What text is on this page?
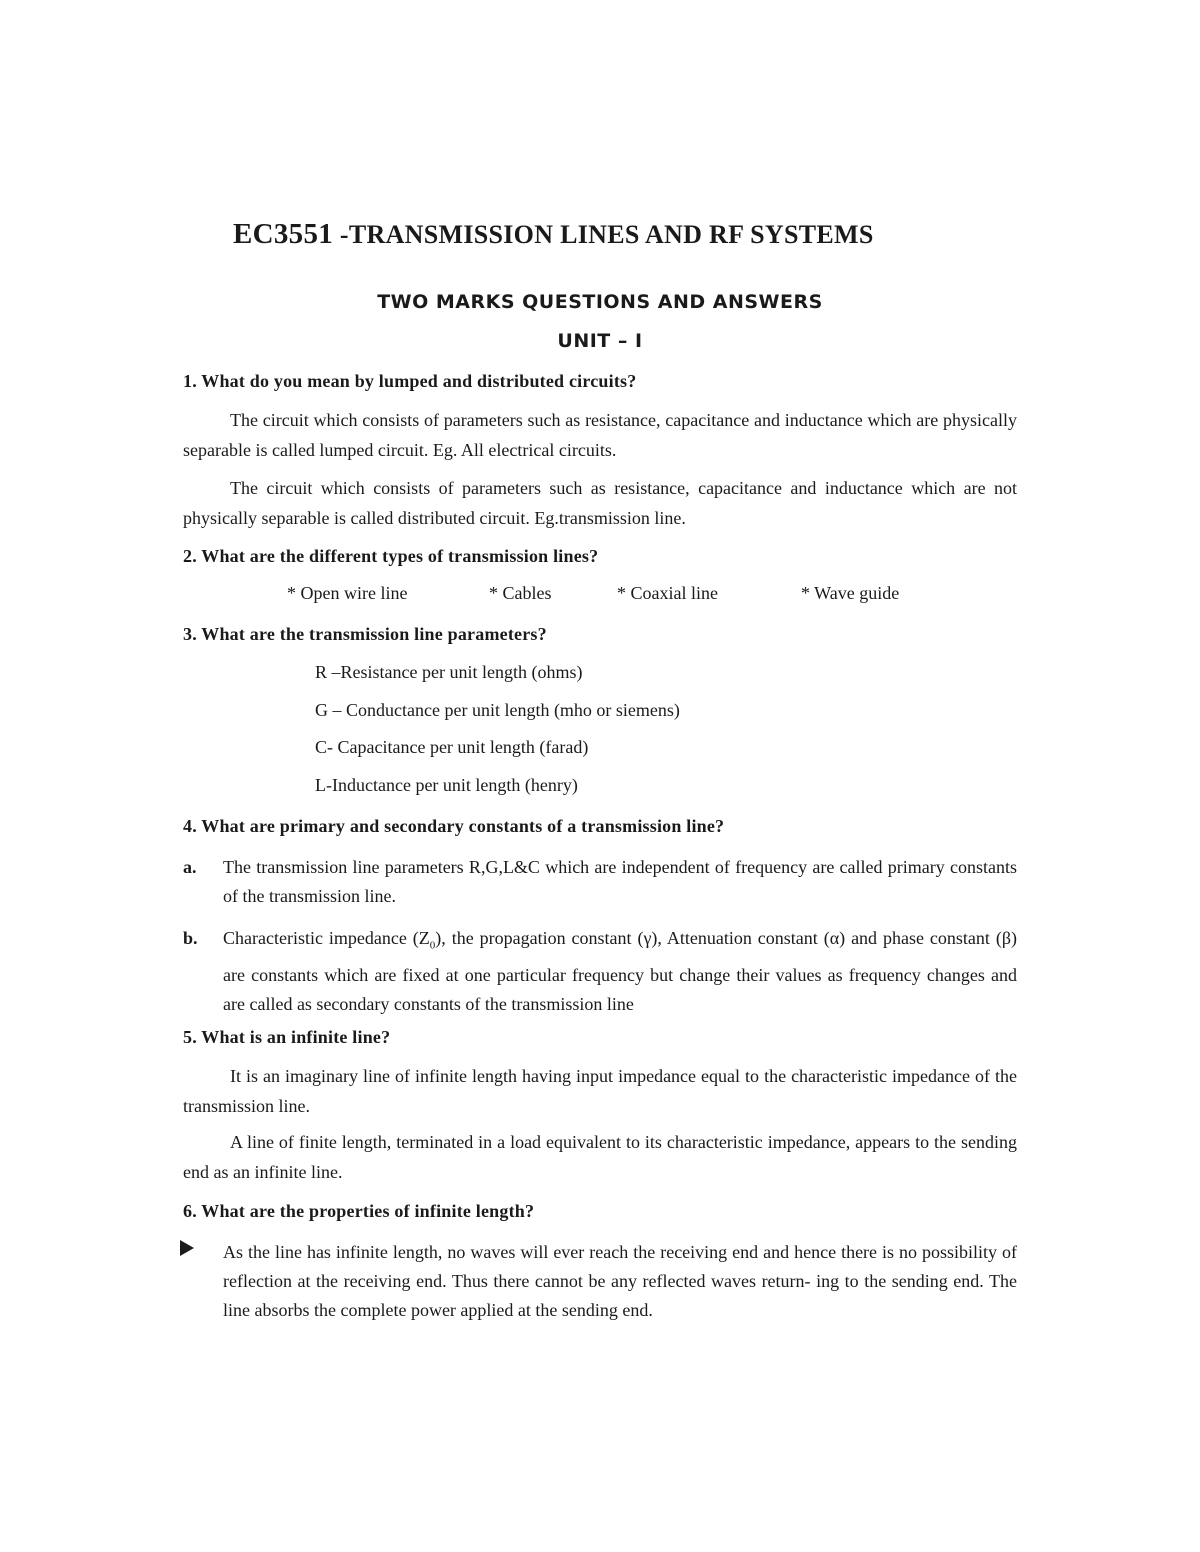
EC3551 -TRANSMISSION LINES AND RF SYSTEMS
TWO MARKS QUESTIONS AND ANSWERS
UNIT – I
1. What do you mean by lumped and distributed circuits?
The circuit which consists of parameters such as resistance, capacitance and inductance which are physically separable is called lumped circuit. Eg. All electrical circuits.
The circuit which consists of parameters such as resistance, capacitance and inductance which are not physically separable is called distributed circuit. Eg.transmission line.
2. What are the different types of transmission lines?
* Open wire line	* Cables	* Coaxial line	* Wave guide
3. What are the transmission line parameters?
R –Resistance per unit length (ohms)
G – Conductance per unit length (mho or siemens)
C- Capacitance per unit length (farad)
L-Inductance per unit length (henry)
4. What are primary and secondary constants of a transmission line?
a. The transmission line parameters R,G,L&C which are independent of frequency are called primary constants of the transmission line.
b. Characteristic impedance $(Z_0)$, the propagation constant (γ), Attenuation constant (α) and phase constant (β) are constants which are fixed at one particular frequency but change their values as frequency changes and are called as secondary constants of the transmission line
5. What is an infinite line?
It is an imaginary line of infinite length having input impedance equal to the characteristic impedance of the transmission line.
A line of finite length, terminated in a load equivalent to its characteristic impedance, appears to the sending end as an infinite line.
6. What are the properties of infinite length?
As the line has infinite length, no waves will ever reach the receiving end and hence there is no possibility of reflection at the receiving end. Thus there cannot be any reflected waves return- ing to the sending end. The line absorbs the complete power applied at the sending end.
